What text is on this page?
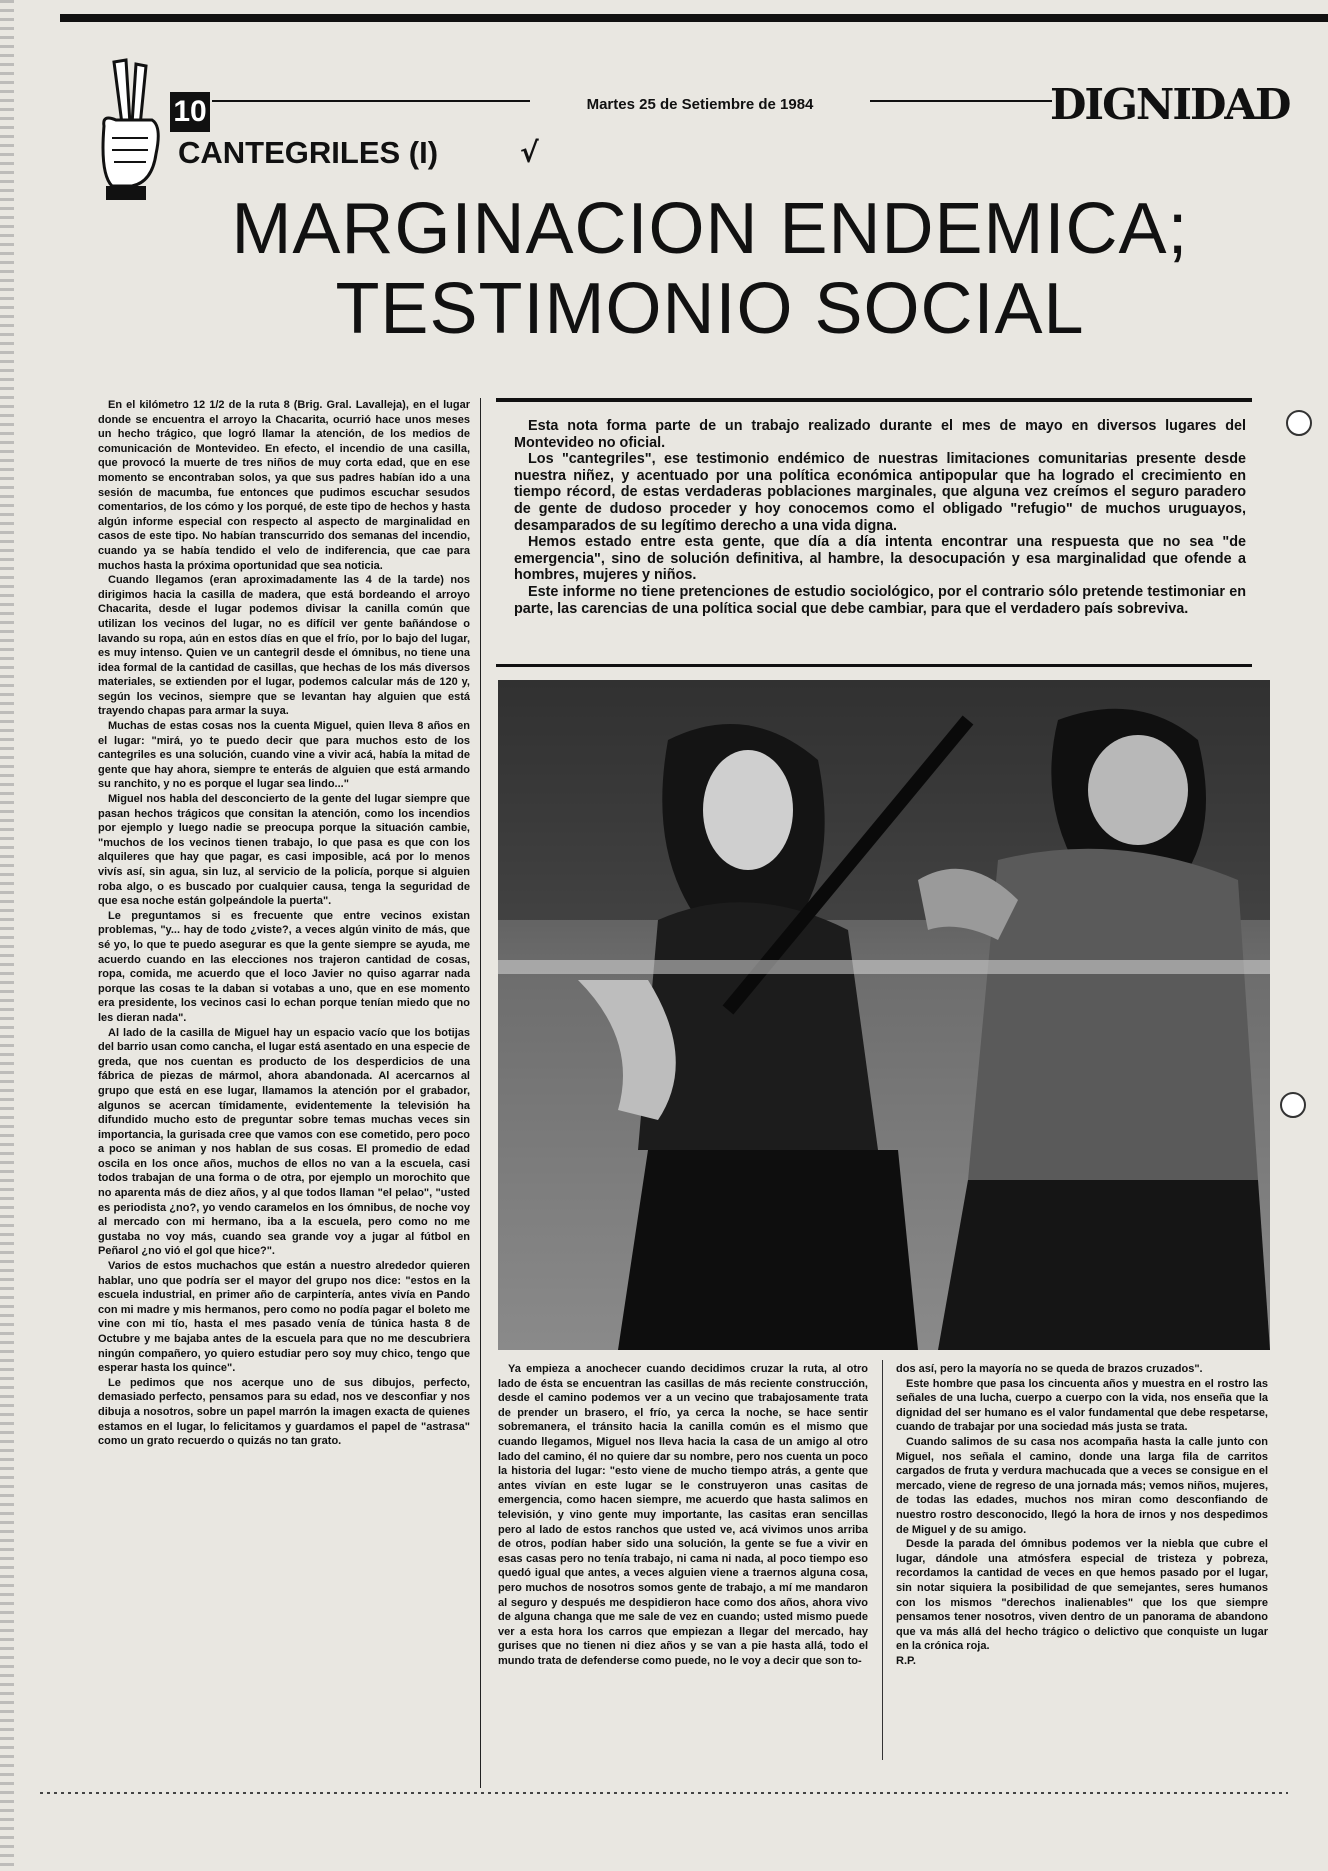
10	Martes 25 de Setiembre de 1984	DIGNIDAD
CANTEGRILES (I)	√
MARGINACION ENDEMICA;
TESTIMONIO SOCIAL

En el kilómetro 12 1/2 de la ruta 8 (Brig. Gral. Lavalleja), en el lugar donde se encuentra el arroyo la Chacarita, ocurrió hace unos meses un hecho trágico, que logró llamar la atención, de los medios de comunicación de Montevideo. En efecto, el incendio de una casilla, que provocó la muerte de tres niños de muy corta edad, que en ese momento se encontraban solos, ya que sus padres habían ido a una sesión de macumba, fue entonces que pudimos escuchar sesudos comentarios, de los cómo y los porqué, de este tipo de hechos y hasta algún informe especial con respecto al aspecto de marginalidad en casos de este tipo. No habían transcurrido dos semanas del incendio, cuando ya se había tendido el velo de indiferencia, que cae para muchos hasta la próxima oportunidad que sea noticia.

Cuando llegamos (eran aproximadamente las 4 de la tarde) nos dirigimos hacia la casilla de madera, que está bordeando el arroyo Chacarita, desde el lugar podemos divisar la canilla común que utilizan los vecinos del lugar, no es difícil ver gente bañándose o lavando su ropa, aún en estos días en que el frío, por lo bajo del lugar, es muy intenso. Quien ve un cantegril desde el ómnibus, no tiene una idea formal de la cantidad de casillas, que hechas de los más diversos materiales, se extienden por el lugar, podemos calcular más de 120 y, según los vecinos, siempre que se levantan hay alguien que está trayendo chapas para armar la suya.

Muchas de estas cosas nos la cuenta Miguel, quien lleva 8 años en el lugar: "mirá, yo te puedo decir que para muchos esto de los cantegriles es una solución, cuando vine a vivir acá, había la mitad de gente que hay ahora, siempre te enterás de alguien que está armando su ranchito, y no es porque el lugar sea lindo..."

Miguel nos habla del desconcierto de la gente del lugar siempre que pasan hechos trágicos que consitan la atención, como los incendios por ejemplo y luego nadie se preocupa porque la situación cambie, "muchos de los vecinos tienen trabajo, lo que pasa es que con los alquileres que hay que pagar, es casi imposible, acá por lo menos vivís así, sin agua, sin luz, al servicio de la policía, porque si alguien roba algo, o es buscado por cualquier causa, tenga la seguridad de que esa noche están golpeándole la puerta".

Le preguntamos si es frecuente que entre vecinos existan problemas, "y... hay de todo ¿viste?, a veces algún vinito de más, que sé yo, lo que te puedo asegurar es que la gente siempre se ayuda, me acuerdo cuando en las elecciones nos trajeron cantidad de cosas, ropa, comida, me acuerdo que el loco Javier no quiso agarrar nada porque las cosas te la daban si votabas a uno, que en ese momento era presidente, los vecinos casi lo echan porque tenían miedo que no les dieran nada".

Al lado de la casilla de Miguel hay un espacio vacío que los botijas del barrio usan como cancha, el lugar está asentado en una especie de greda, que nos cuentan es producto de los desperdicios de una fábrica de piezas de mármol, ahora abandonada. Al acercarnos al grupo que está en ese lugar, llamamos la atención por el grabador, algunos se acercan tímidamente, evidentemente la televisión ha difundido mucho esto de preguntar sobre temas muchas veces sin importancia, la gurisada cree que vamos con ese cometido, pero poco a poco se animan y nos hablan de sus cosas. El promedio de edad oscila en los once años, muchos de ellos no van a la escuela, casi todos trabajan de una forma o de otra, por ejemplo un morochito que no aparenta más de diez años, y al que todos llaman "el pelao", "usted es periodista ¿no?, yo vendo caramelos en los ómnibus, de noche voy al mercado con mi hermano, iba a la escuela, pero como no me gustaba no voy más, cuando sea grande voy a jugar al fútbol en Peñarol ¿no vió el gol que hice?".

Varios de estos muchachos que están a nuestro alrededor quieren hablar, uno que podría ser el mayor del grupo nos dice: "estos en la escuela industrial, en primer año de carpintería, antes vivía en Pando con mi madre y mis hermanos, pero como no podía pagar el boleto me vine con mi tío, hasta el mes pasado venía de túnica hasta 8 de Octubre y me bajaba antes de la escuela para que no me descubriera ningún compañero, yo quiero estudiar pero soy muy chico, tengo que esperar hasta los quince".

Le pedimos que nos acerque uno de sus dibujos, perfecto, demasiado perfecto, pensamos para su edad, nos ve desconfiar y nos dibuja a nosotros, sobre un papel marrón la imagen exacta de quienes estamos en el lugar, lo felicitamos y guardamos el papel de "astrasa" como un grato recuerdo o quizás no tan grato.

Esta nota forma parte de un trabajo realizado durante el mes de mayo en diversos lugares del Montevideo no oficial.

Los "cantegriles", ese testimonio endémico de nuestras limitaciones comunitarias presente desde nuestra niñez, y acentuado por una política económica antipopular que ha logrado el crecimiento en tiempo récord, de estas verdaderas poblaciones marginales, que alguna vez creímos el seguro paradero de gente de dudoso proceder y hoy conocemos como el obligado "refugio" de muchos uruguayos, desamparados de su legítimo derecho a una vida digna.

Hemos estado entre esta gente, que día a día intenta encontrar una respuesta que no sea "de emergencia", sino de solución definitiva, al hambre, la desocupación y esa marginalidad que ofende a hombres, mujeres y niños.

Este informe no tiene pretenciones de estudio sociológico, por el contrario sólo pretende testimoniar en parte, las carencias de una política social que debe cambiar, para que el verdadero país sobreviva.

Ya empieza a anochecer cuando decidimos cruzar la ruta, al otro lado de ésta se encuentran las casillas de más reciente construcción, desde el camino podemos ver a un vecino que trabajosamente trata de prender un brasero, el frío, ya cerca la noche, se hace sentir sobremanera, el tránsito hacia la canilla común es el mismo que cuando llegamos, Miguel nos lleva hacia la casa de un amigo al otro lado del camino, él no quiere dar su nombre, pero nos cuenta un poco la historia del lugar: "esto viene de mucho tiempo atrás, a gente que antes vivían en este lugar se le construyeron unas casitas de emergencia, como hacen siempre, me acuerdo que hasta salimos en televisión, y vino gente muy importante, las casitas eran sencillas pero al lado de estos ranchos que usted ve, acá vivimos unos arriba de otros, podían haber sido una solución, la gente se fue a vivir en esas casas pero no tenía trabajo, ni cama ni nada, al poco tiempo eso quedó igual que antes, a veces alguien viene a traernos alguna cosa, pero muchos de nosotros somos gente de trabajo, a mí me mandaron al seguro y después me despidieron hace como dos años, ahora vivo de alguna changa que me sale de vez en cuando; usted mismo puede ver a esta hora los carros que empiezan a llegar del mercado, hay gurises que no tienen ni diez años y se van a pie hasta allá, todo el mundo trata de defenderse como puede, no le voy a decir que son to-

dos así, pero la mayoría no se queda de brazos cruzados".

Este hombre que pasa los cincuenta años y muestra en el rostro las señales de una lucha, cuerpo a cuerpo con la vida, nos enseña que la dignidad del ser humano es el valor fundamental que debe respetarse, cuando de trabajar por una sociedad más justa se trata.

Cuando salimos de su casa nos acompaña hasta la calle junto con Miguel, nos señala el camino, donde una larga fila de carritos cargados de fruta y verdura machucada que a veces se consigue en el mercado, viene de regreso de una jornada más; vemos niños, mujeres, de todas las edades, muchos nos miran como desconfiando de nuestro rostro desconocido, llegó la hora de irnos y nos despedimos de Miguel y de su amigo.

Desde la parada del ómnibus podemos ver la niebla que cubre el lugar, dándole una atmósfera especial de tristeza y pobreza, recordamos la cantidad de veces en que hemos pasado por el lugar, sin notar siquiera la posibilidad de que semejantes, seres humanos con los mismos "derechos inalienables" que los que siempre pensamos tener nosotros, viven dentro de un panorama de abandono que va más allá del hecho trágico o delictivo que conquiste un lugar en la crónica roja.

R.P.
